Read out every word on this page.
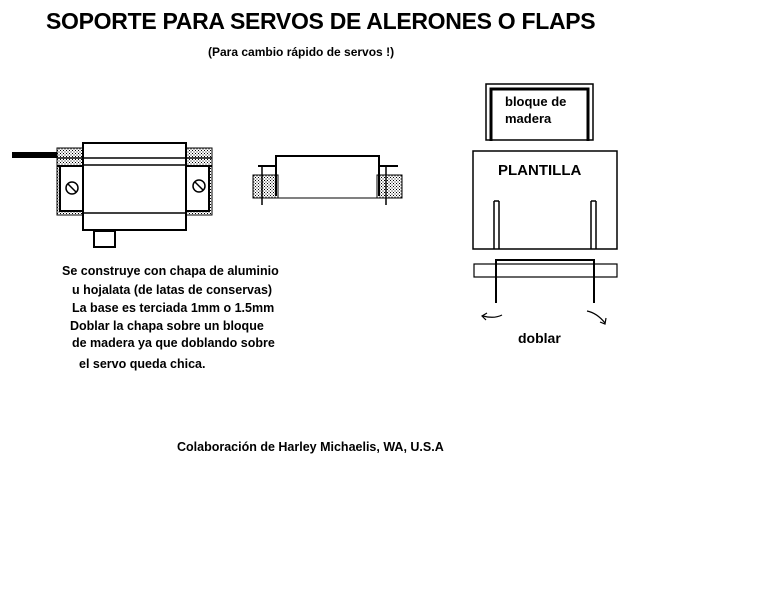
SOPORTE PARA SERVOS DE ALERONES O FLAPS
(Para cambio rápido de servos !)
Se construye con chapa de aluminio
u hojalata (de latas de conservas)
La base es terciada 1mm o 1.5mm
Doblar la chapa sobre un bloque
de madera ya que doblando sobre
el servo queda chica.
Colaboración de Harley Michaelis, WA, U.S.A
bloque de
madera
PLANTILLA
doblar
